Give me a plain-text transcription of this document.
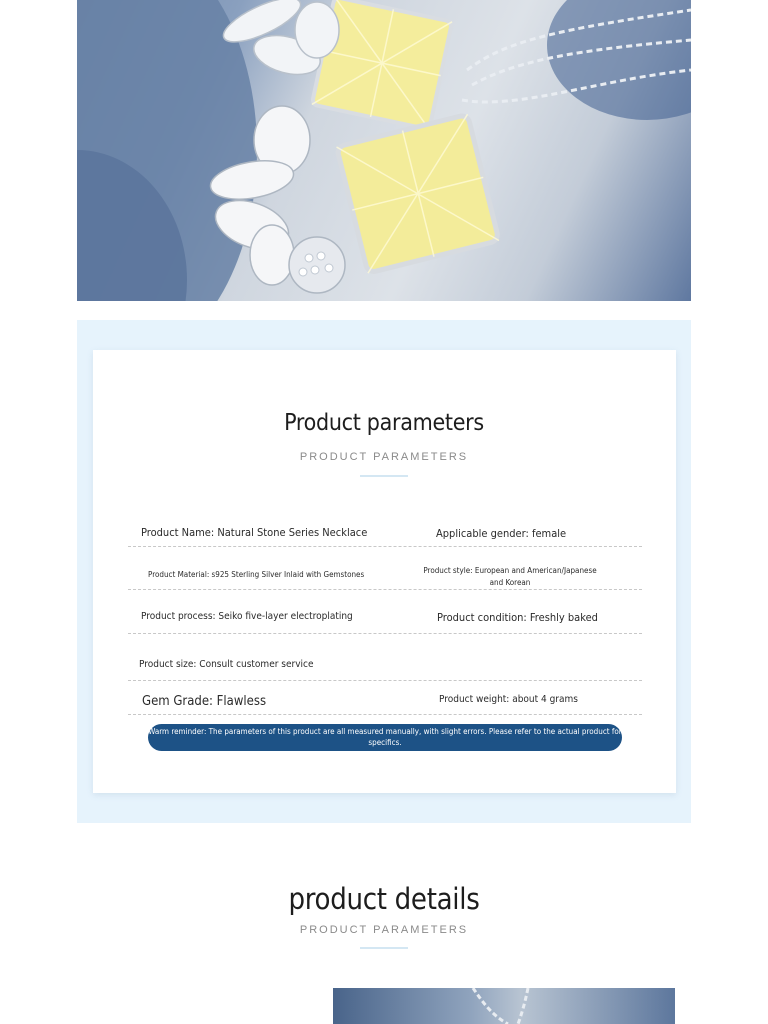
Product parameters
PRODUCT PARAMETERS
Product Name: Natural Stone Series Necklace	Applicable gender: female
Product Material: s925 Sterling Silver Inlaid with Gemstones	Product style: European and American/Japanese and Korean
Product process: Seiko five-layer electroplating	Product condition: Freshly baked
Product size: Consult customer service
Gem Grade: Flawless	Product weight: about 4 grams
Warm reminder: The parameters of this product are all measured manually, with slight errors. Please refer to the actual product for specifics.
product details
PRODUCT PARAMETERS
